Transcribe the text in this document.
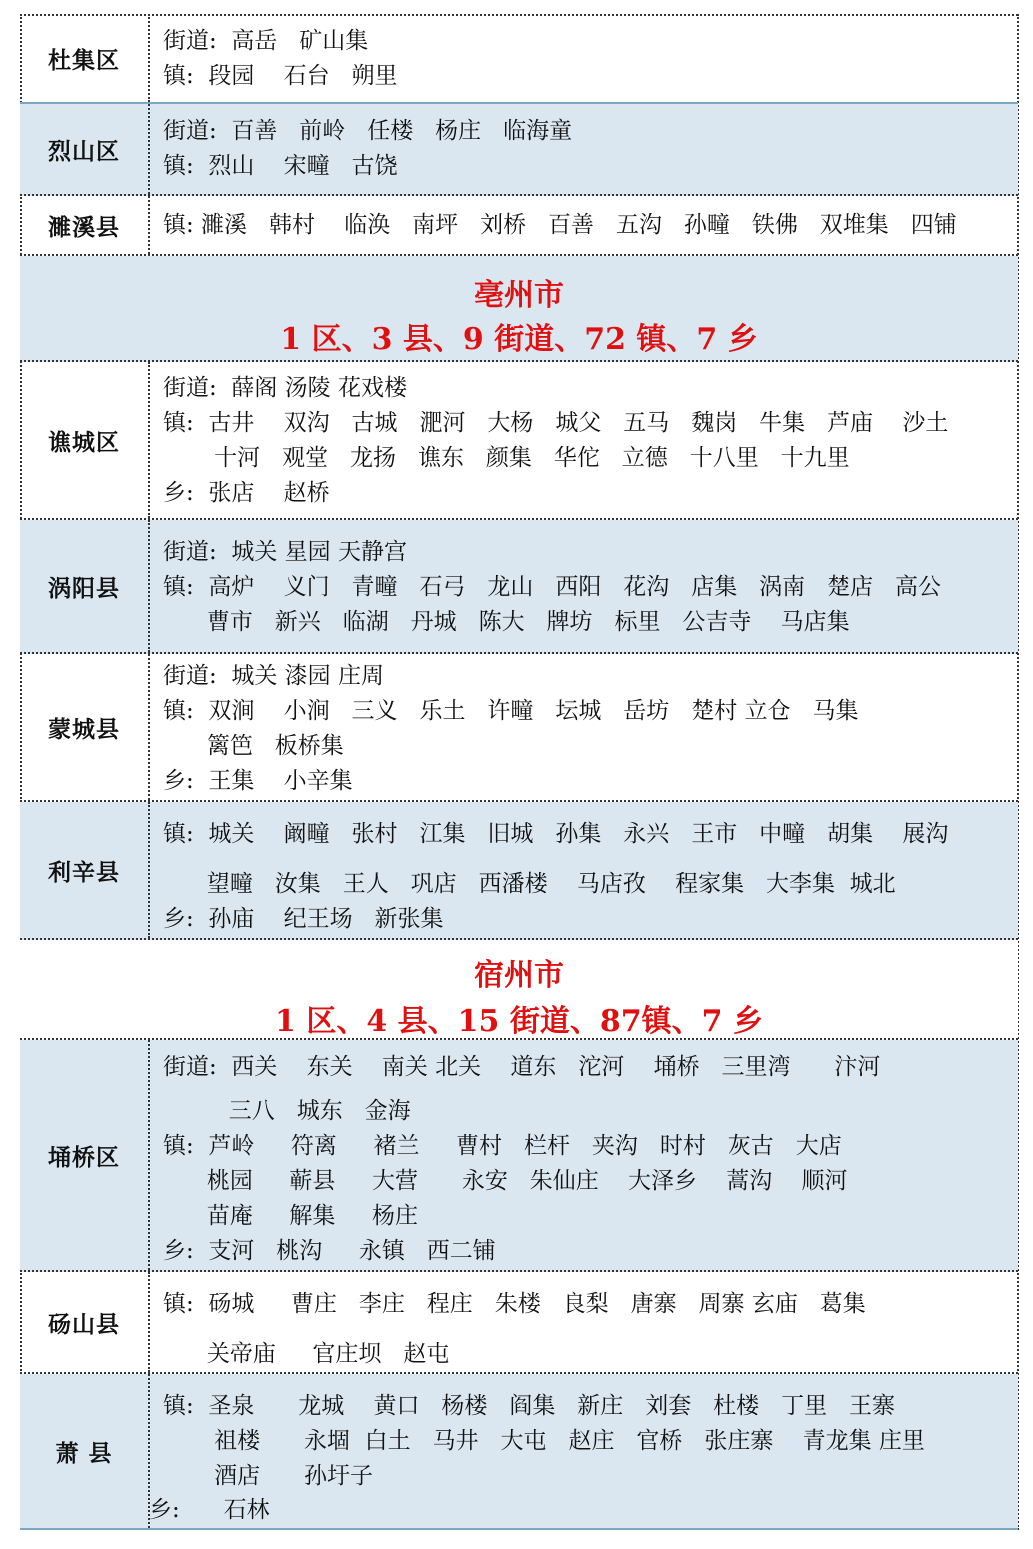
杜集区
街道:  高岳   矿山集
镇:  段园    石台   朔里
烈山区
街道:  百善   前岭   任楼   杨庄   临海童
镇:  烈山    宋疃   古饶
濉溪县	镇: 濉溪   韩村    临涣   南坪   刘桥   百善   五沟   孙疃   铁佛   双堆集   四铺
亳州市
1 区、3 县、9 街道、72 镇、7 乡
谯城区
街道:  薛阁 汤陵 花戏楼
镇:  古井    双沟   古城   淝河   大杨   城父   五马   魏岗   牛集   芦庙    沙土
十河   观堂   龙扬   谯东   颜集   华佗   立德   十八里   十九里
乡:  张店    赵桥
涡阳县
街道:  城关 星园 天静宫
镇:  高炉    义门   青疃   石弓   龙山   西阳   花沟   店集   涡南   楚店   高公
曹市   新兴   临湖   丹城   陈大   牌坊   标里   公吉寺    马店集
蒙城县
街道:  城关 漆园 庄周
镇:  双涧    小涧   三义   乐土   许疃   坛城   岳坊   楚村 立仓   马集
篱笆   板桥集
乡:  王集    小辛集
利辛县
镇:  城关    阚疃   张村   江集   旧城   孙集   永兴   王市   中疃   胡集    展沟
望疃   汝集   王人   巩店   西潘楼    马店孜    程家集   大李集  城北
乡:  孙庙    纪王场   新张集
宿州市
1 区、4 县、15 街道、87镇、7 乡
埇桥区
街道:  西关    东关    南关 北关    道东   沱河    埇桥   三里湾      汴河
三八   城东   金海
镇:  芦岭     符离     褚兰     曹村   栏杆   夹沟   时村   灰古   大店
桃园     蕲县     大营      永安   朱仙庄    大泽乡    蒿沟    顺河
苗庵     解集     杨庄
乡:  支河   桃沟     永镇   西二铺
砀山县
镇:  砀城     曹庄   李庄   程庄   朱楼   良梨   唐寨   周寨 玄庙   葛集
关帝庙     官庄坝   赵屯
萧 县
镇:  圣泉      龙城    黄口   杨楼   阎集   新庄   刘套   杜楼   丁里   王寨
祖楼      永堌  白土   马井   大屯   赵庄   官桥   张庄寨    青龙集 庄里
酒店      孙圩子
乡:      石林
